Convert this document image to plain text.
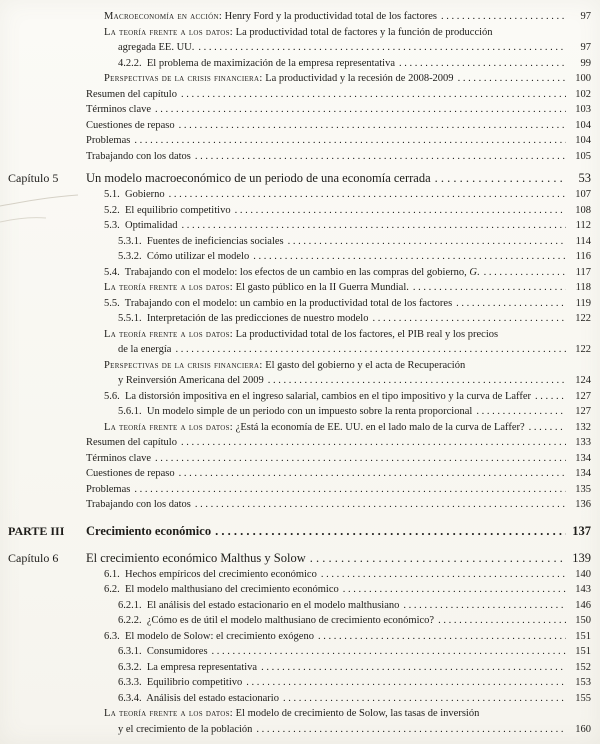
Macroeconomía en acción: Henry Ford y la productividad total de los factores . . .	97
La teoría frente a los datos: La productividad total de factores y la función de producción
agregada EE. UU. . . .	97
4.2.2.  El problema de maximización de la empresa representativa . . .	99
Perspectivas de la crisis financiera: La productividad y la recesión de 2008-2009 . . .	100
Resumen del capítulo . . .	102
Términos clave . . .	103
Cuestiones de repaso . . .	104
Problemas . . .	104
Trabajando con los datos . . .	105
Capítulo 5 Un modelo macroeconómico de un periodo de una economía cerrada . . .	53
5.1.  Gobierno . . .	107
5.2.  El equilibrio competitivo . . .	108
5.3.  Optimalidad . . .	112
5.3.1.  Fuentes de ineficiencias sociales . . .	114
5.3.2.  Cómo utilizar el modelo . . .	116
5.4.  Trabajando con el modelo: los efectos de un cambio en las compras del gobierno, G . . . .	117
La teoría frente a los datos: El gasto público en la II Guerra Mundial. . . .	118
5.5.  Trabajando con el modelo: un cambio en la productividad total de los factores . . .	119
5.5.1.  Interpretación de las predicciones de nuestro modelo . . .	122
La teoría frente a los datos: La productividad total de los factores, el PIB real y los precios
de la energía . . .	122
Perspectivas de la crisis financiera: El gasto del gobierno y el acta de Recuperación
y Reinversión Americana del 2009 . . .	124
5.6.  La distorsión impositiva en el ingreso salarial, cambios en el tipo impositivo y la curva de Laffer . . .	127
5.6.1.  Un modelo simple de un periodo con un impuesto sobre la renta proporcional . . .	127
La teoría frente a los datos: ¿Está la economía de EE. UU. en el lado malo de la curva de Laffer? . . .	132
Resumen del capítulo . . .	133
Términos clave . . .	134
Cuestiones de repaso . . .	134
Problemas . . .	135
Trabajando con los datos . . .	136
PARTE III Crecimiento económico . . .	137
Capítulo 6 El crecimiento económico Malthus y Solow . . .	139
6.1.  Hechos empíricos del crecimiento económico . . .	140
6.2.  El modelo malthusiano del crecimiento económico . . .	143
6.2.1.  El análisis del estado estacionario en el modelo malthusiano . . .	146
6.2.2.  ¿Cómo es de útil el modelo malthusiano de crecimiento económico? . . .	150
6.3.  El modelo de Solow: el crecimiento exógeno . . .	151
6.3.1.  Consumidores . . .	151
6.3.2.  La empresa representativa . . .	152
6.3.3.  Equilibrio competitivo . . .	153
6.3.4.  Análisis del estado estacionario . . .	155
La teoría frente a los datos: El modelo de crecimiento de Solow, las tasas de inversión
y el crecimiento de la población . . .	160
